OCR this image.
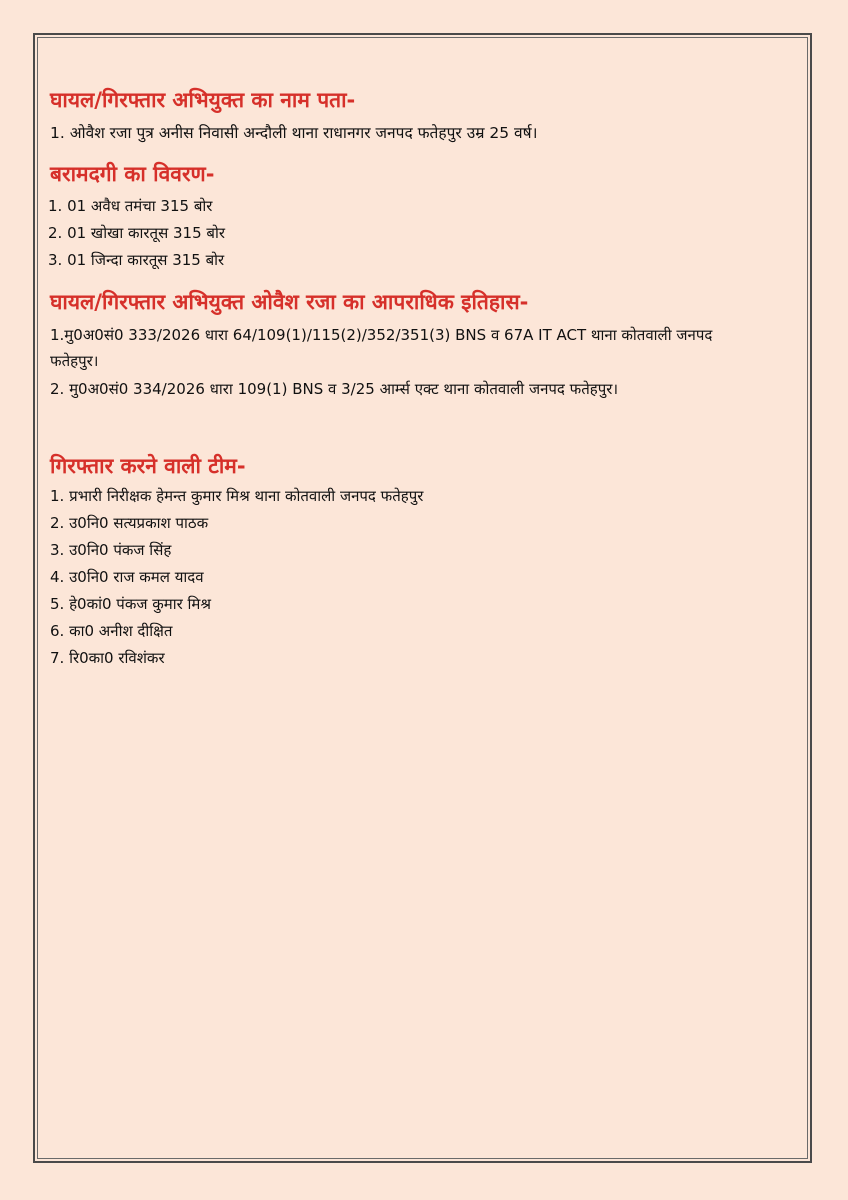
घायल/गिरफ्तार अभियुक्त का नाम पता-

1. ओवैश रजा पुत्र अनीस निवासी अन्दौली थाना राधानगर जनपद फतेहपुर उम्र 25 वर्ष।

बरामदगी का विवरण-
1. 01 अवैध तमंचा 315 बोर
2. 01 खोखा कारतूस 315 बोर
3. 01 जिन्दा कारतूस 315 बोर
घायल/गिरफ्तार अभियुक्त ओवैश रजा का आपराधिक इतिहास-

1.मु0अ0सं0 333/2026 धारा 64/109(1)/115(2)/352/351(3) BNS व 67A IT ACT थाना कोतवाली जनपद

फतेहपुर।

2. मु0अ0सं0 334/2026 धारा 109(1) BNS व 3/25 आर्म्स एक्ट थाना कोतवाली जनपद फतेहपुर।

गिरफ्तार करने वाली टीम-
1. प्रभारी निरीक्षक हेमन्त कुमार मिश्र थाना कोतवाली जनपद फतेहपुर
2. उ0नि0 सत्यप्रकाश पाठक
3. उ0नि0 पंकज सिंह
4. उ0नि0 राज कमल यादव
5. हे0कां0 पंकज कुमार मिश्र
6. का0 अनीश दीक्षित
7. रि0का0 रविशंकर
